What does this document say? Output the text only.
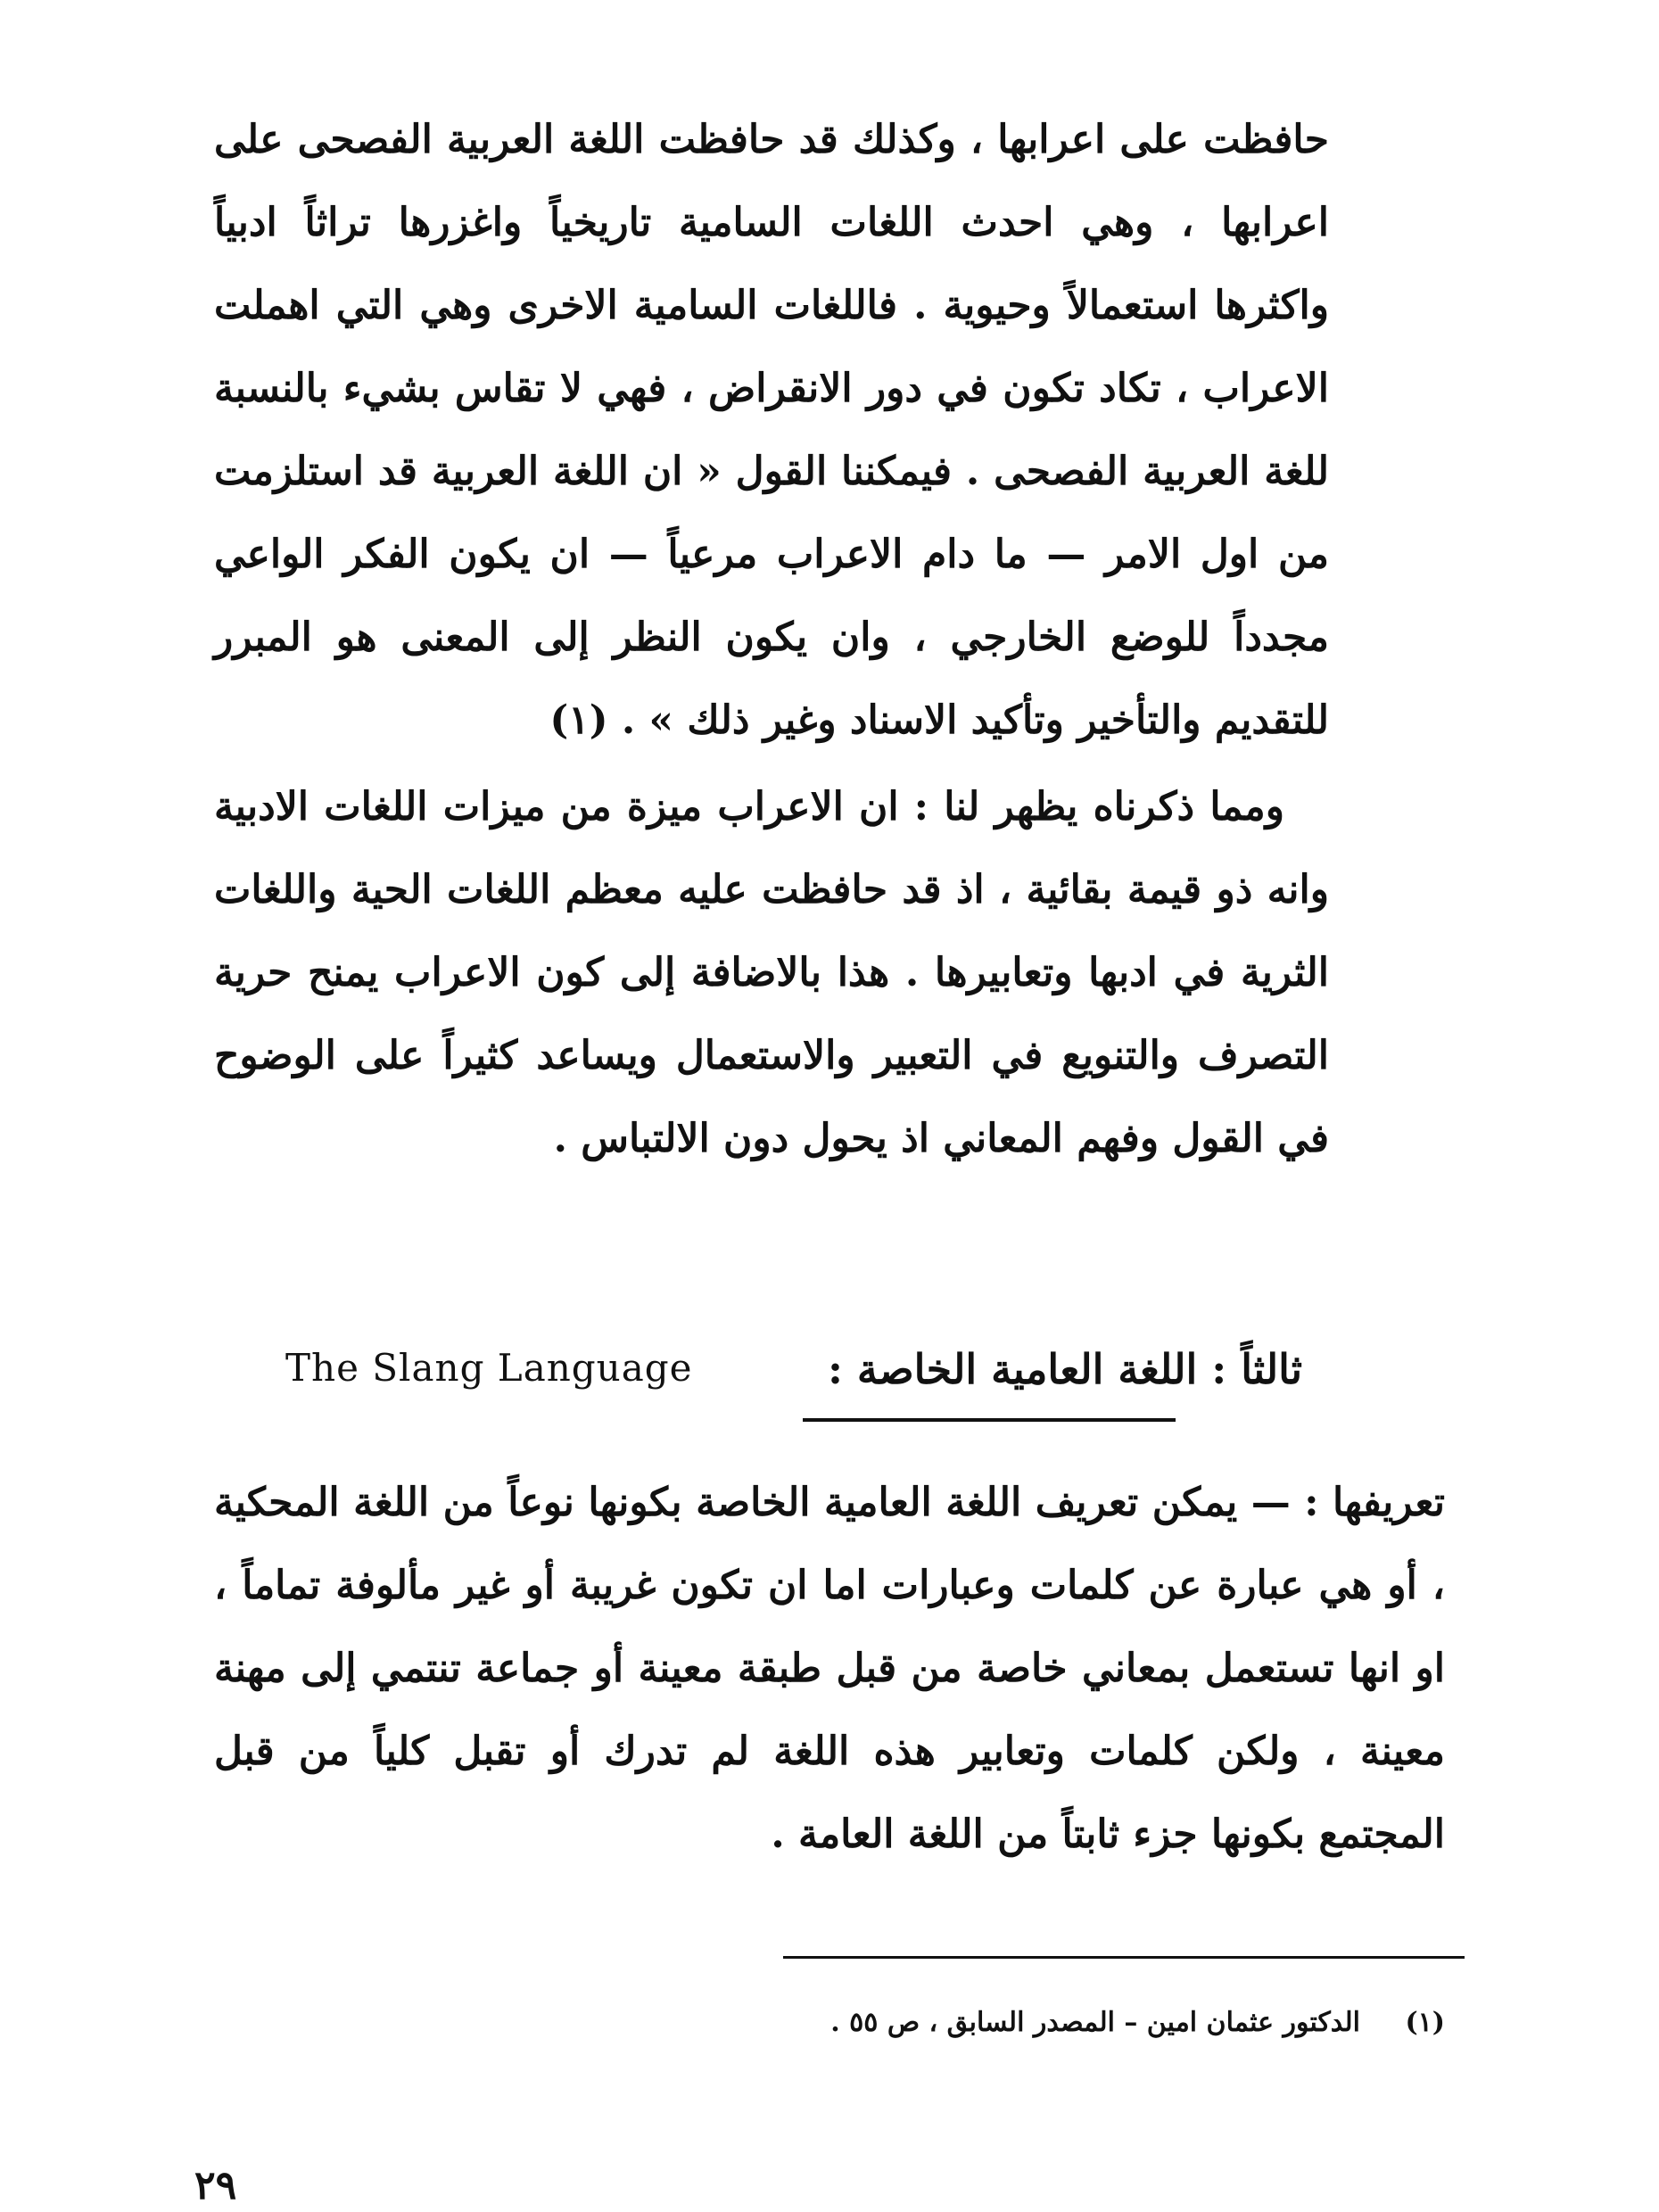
حافظت على اعرابها ، وكذلك قد حافظت اللغة العربية الفصحى على اعرابها ، وهي احدث اللغات السامية تاريخياً واغزرها تراثاً ادبياً واكثرها استعمالاً وحيوية . فاللغات السامية الاخرى وهي التي اهملت الاعراب ، تكاد تكون في دور الانقراض ، فهي لا تقاس بشيء بالنسبة للغة العربية الفصحى . فيمكننا القول « ان اللغة العربية قد استلزمت من اول الامر — ما دام الاعراب مرعياً — ان يكون الفكر الواعي مجدداً للوضع الخارجي ، وان يكون النظر إلى المعنى هو المبرر للتقديم والتأخير وتأكيد الاسناد وغير ذلك » . (١)

ومما ذكرناه يظهر لنا : ان الاعراب ميزة من ميزات اللغات الادبية وانه ذو قيمة بقائية ، اذ قد حافظت عليه معظم اللغات الحية واللغات الثرية في ادبها وتعابيرها . هذا بالاضافة إلى كون الاعراب يمنح حرية التصرف والتنويع في التعبير والاستعمال ويساعد كثيراً على الوضوح في القول وفهم المعاني اذ يحول دون الالتباس .

ثالثاً : اللغة العامية الخاصة :
The Slang Language

تعريفها : — يمكن تعريف اللغة العامية الخاصة بكونها نوعاً من اللغة المحكية ، أو هي عبارة عن كلمات وعبارات اما ان تكون غريبة أو غير مألوفة تماماً ، او انها تستعمل بمعاني خاصة من قبل طبقة معينة أو جماعة تنتمي إلى مهنة معينة ، ولكن كلمات وتعابير هذه اللغة لم تدرك أو تقبل كلياً من قبل المجتمع بكونها جزء ثابتاً من اللغة العامة .

(١) الدكتور عثمان امين – المصدر السابق ، ص ٥٥ .
٢٩
